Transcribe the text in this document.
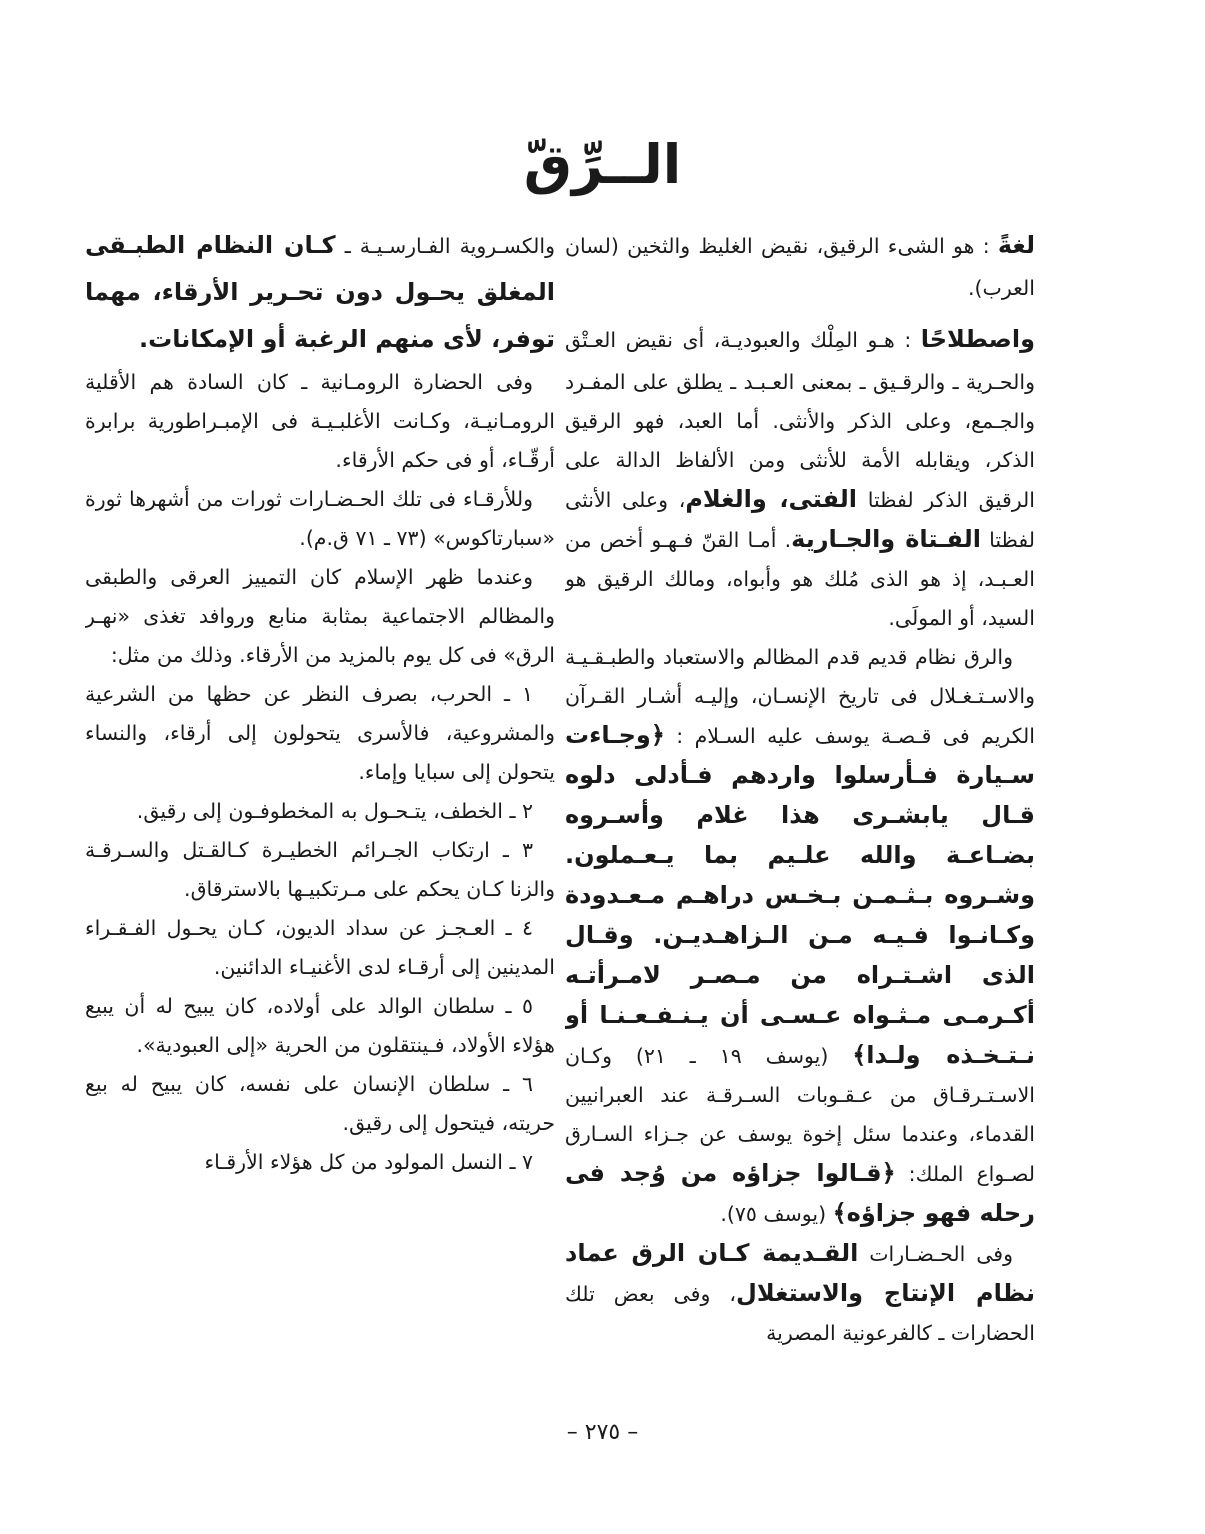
الــرِّقّ

لغةً : هو الشىء الرقيق، نقيض الغليظ والثخين (لسان العرب).

واصطلاحًا : هـو المِلْك والعبوديـة، أى نقيض العـتْق والحـرية ـ والرقـيق ـ بمعنى العـبـد ـ يطلق على المفـرد والجـمع، وعلى الذكر والأنثى. أما العبد، فهو الرقيق الذكر، ويقابله الأمة للأنثى ومن الألفاظ الدالة على الرقيق الذكر لفظتا الفتى، والغلام، وعلى الأنثى لفظتا الفـتاة والجـارية. أمـا القنّ فـهـو أخص من العـبـد، إذ هو الذى مُلك هو وأبواه، ومالك الرقيق هو السيد، أو المولَى.

والرق نظام قديم قدم المظالم والاستعباد والطبـقـيـة والاسـتـغـلال فى تاريخ الإنسـان، وإليـه أشـار القـرآن الكريم فى قـصـة يوسف عليه السـلام : ﴿وجـاءت سـيارة فـأرسلوا واردهم فـأدلى دلوه قـال يابشـرى هذا غلام وأسـروه بضـاعـة والله علـيم بما يـعـملون. وشـروه بـثـمـن بـخـس دراهـم مـعـدودة وكـانـوا فـيـه مـن الـزاهـديـن. وقـال الذى اشـتـراه من مـصـر لامـرأتـه أكـرمـى مـثـواه عـسـى أن يـنـفـعـنـا أو نـتـخـذه ولـدا﴾ (يوسف ١٩ ـ ٢١) وكـان الاسـتـرقـاق من عـقـوبات السـرقـة عند العبرانيين القدماء، وعندما سئل إخوة يوسف عن جـزاء السـارق لصـواع الملك: ﴿قـالوا جزاؤه من وُجد فى رحله فهو جزاؤه﴾ (يوسف ٧٥).

وفى الحـضـارات القـديمة كـان الرق عماد نظام الإنتاج والاستغلال، وفى بعض تلك الحضارات ـ كالفرعونية المصرية

والكسـروية الفـارسـيـة ـ كـان النظام الطبـقى المغلق يحـول دون تحـرير الأرقاء، مهما توفر، لأى منهم الرغبة أو الإمكانات.

وفى الحضارة الرومـانية ـ كان السادة هم الأقلية الرومـانيـة، وكـانت الأغلبـيـة فى الإمبـراطورية برابرة أرقّـاء، أو فى حكم الأرقاء.

وللأرقـاء فى تلك الحـضـارات ثورات من أشهرها ثورة «سبارتاكوس» (٧٣ ـ ٧١ ق.م).

وعندما ظهر الإسلام كان التمييز العرقى والطبقى والمظالم الاجتماعية بمثابة منابع وروافد تغذى «نهـر الرق» فى كل يوم بالمزيد من الأرقاء. وذلك من مثل:

١ ـ الحرب، بصرف النظر عن حظها من الشرعية والمشروعية، فالأسرى يتحولون إلى أرقاء، والنساء يتحولن إلى سبايا وإماء.

٢ ـ الخطف، يتـحـول به المخطوفـون إلى رقيق.

٣ ـ ارتكاب الجـرائم الخطيـرة كـالقـتل والسـرقـة والزنا كـان يحكم على مـرتكبيـها بالاسترقاق.

٤ ـ العـجـز عن سداد الديون، كـان يحـول الفـقـراء المدينين إلى أرقـاء لدى الأغنيـاء الدائنين.

٥ ـ سلطان الوالد على أولاده، كان يبيح له أن يبيع هؤلاء الأولاد، فـينتقلون من الحرية «إلى العبودية».

٦ ـ سلطان الإنسان على نفسه، كان يبيح له بيع حريته، فيتحول إلى رقيق.

٧ ـ النسل المولود من كل هؤلاء الأرقـاء

– ٢٧٥ –
